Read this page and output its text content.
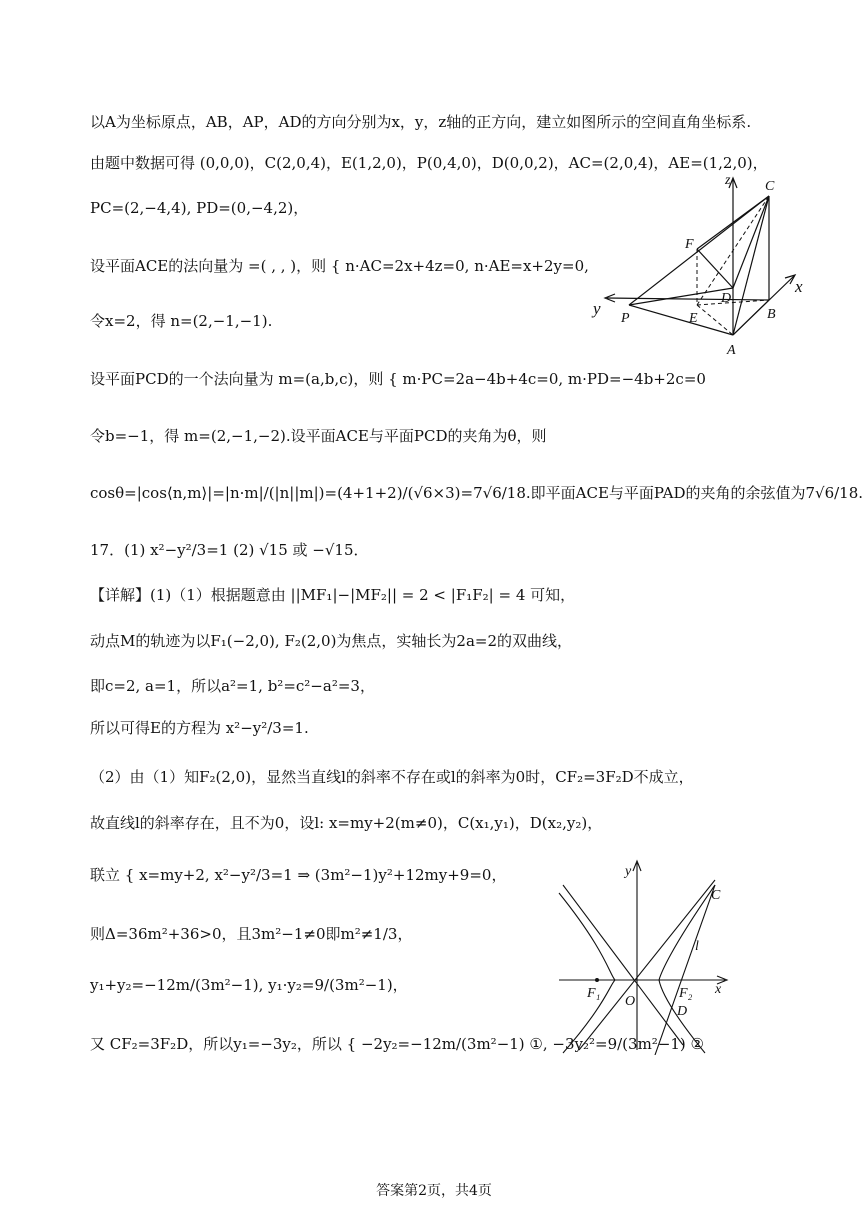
以A为坐标原点，AB，AP，AD的方向分别为x，y，z轴的正方向，建立如图所示的空间直角坐标系.
由题中数据可得 (0,0,0)，C(2,0,4)，E(1,2,0)，P(0,4,0)，D(0,0,2)，AC=(2,0,4)，AE=(1,2,0)，
PC=(2,−4,4), PD=(0,−4,2)，
设平面ACE的法向量为 =( , , )，则 { n·AC=2x+4z=0, n·AE=x+2y=0,
令x=2，得 n=(2,−1,−1).
设平面PCD的一个法向量为 m=(a,b,c)，则 { m·PC=2a−4b+4c=0, m·PD=−4b+2c=0
令b=−1，得 m=(2,−1,−2).设平面ACE与平面PCD的夹角为θ，则
cosθ=|cos⟨n,m⟩|=|n·m|/(|n||m|)=(4+1+2)/(√6×3)=7√6/18.即平面ACE与平面PAD的夹角的余弦值为7√6/18.
17．(1) x²−y²/3=1 (2) √15 或 −√15．
【详解】(1)（1）根据题意由 ||MF₁|−|MF₂|| = 2 < |F₁F₂| = 4 可知，
动点M的轨迹为以F₁(−2,0), F₂(2,0)为焦点，实轴长为2a=2的双曲线，
即c=2, a=1，所以a²=1, b²=c²−a²=3，
所以可得E的方程为 x²−y²/3=1.
（2）由（1）知F₂(2,0)，显然当直线l的斜率不存在或l的斜率为0时，CF₂=3F₂D不成立，
故直线l的斜率存在，且不为0，设l: x=my+2(m≠0)，C(x₁,y₁)，D(x₂,y₂)，
联立 { x=my+2, x²−y²/3=1 ⇒ (3m²−1)y²+12my+9=0，
则Δ=36m²+36>0，且3m²−1≠0即m²≠1/3，
y₁+y₂=−12m/(3m²−1), y₁·y₂=9/(3m²−1)，
又 CF₂=3F₂D，所以y₁=−3y₂，所以 { −2y₂=−12m/(3m²−1) ①, −3y₂²=9/(3m²−1) ②
z C
F
D
x
y
P	E	B
A
y
x
C
l
F₁
O
F₂
D
答案第2页，共4页
